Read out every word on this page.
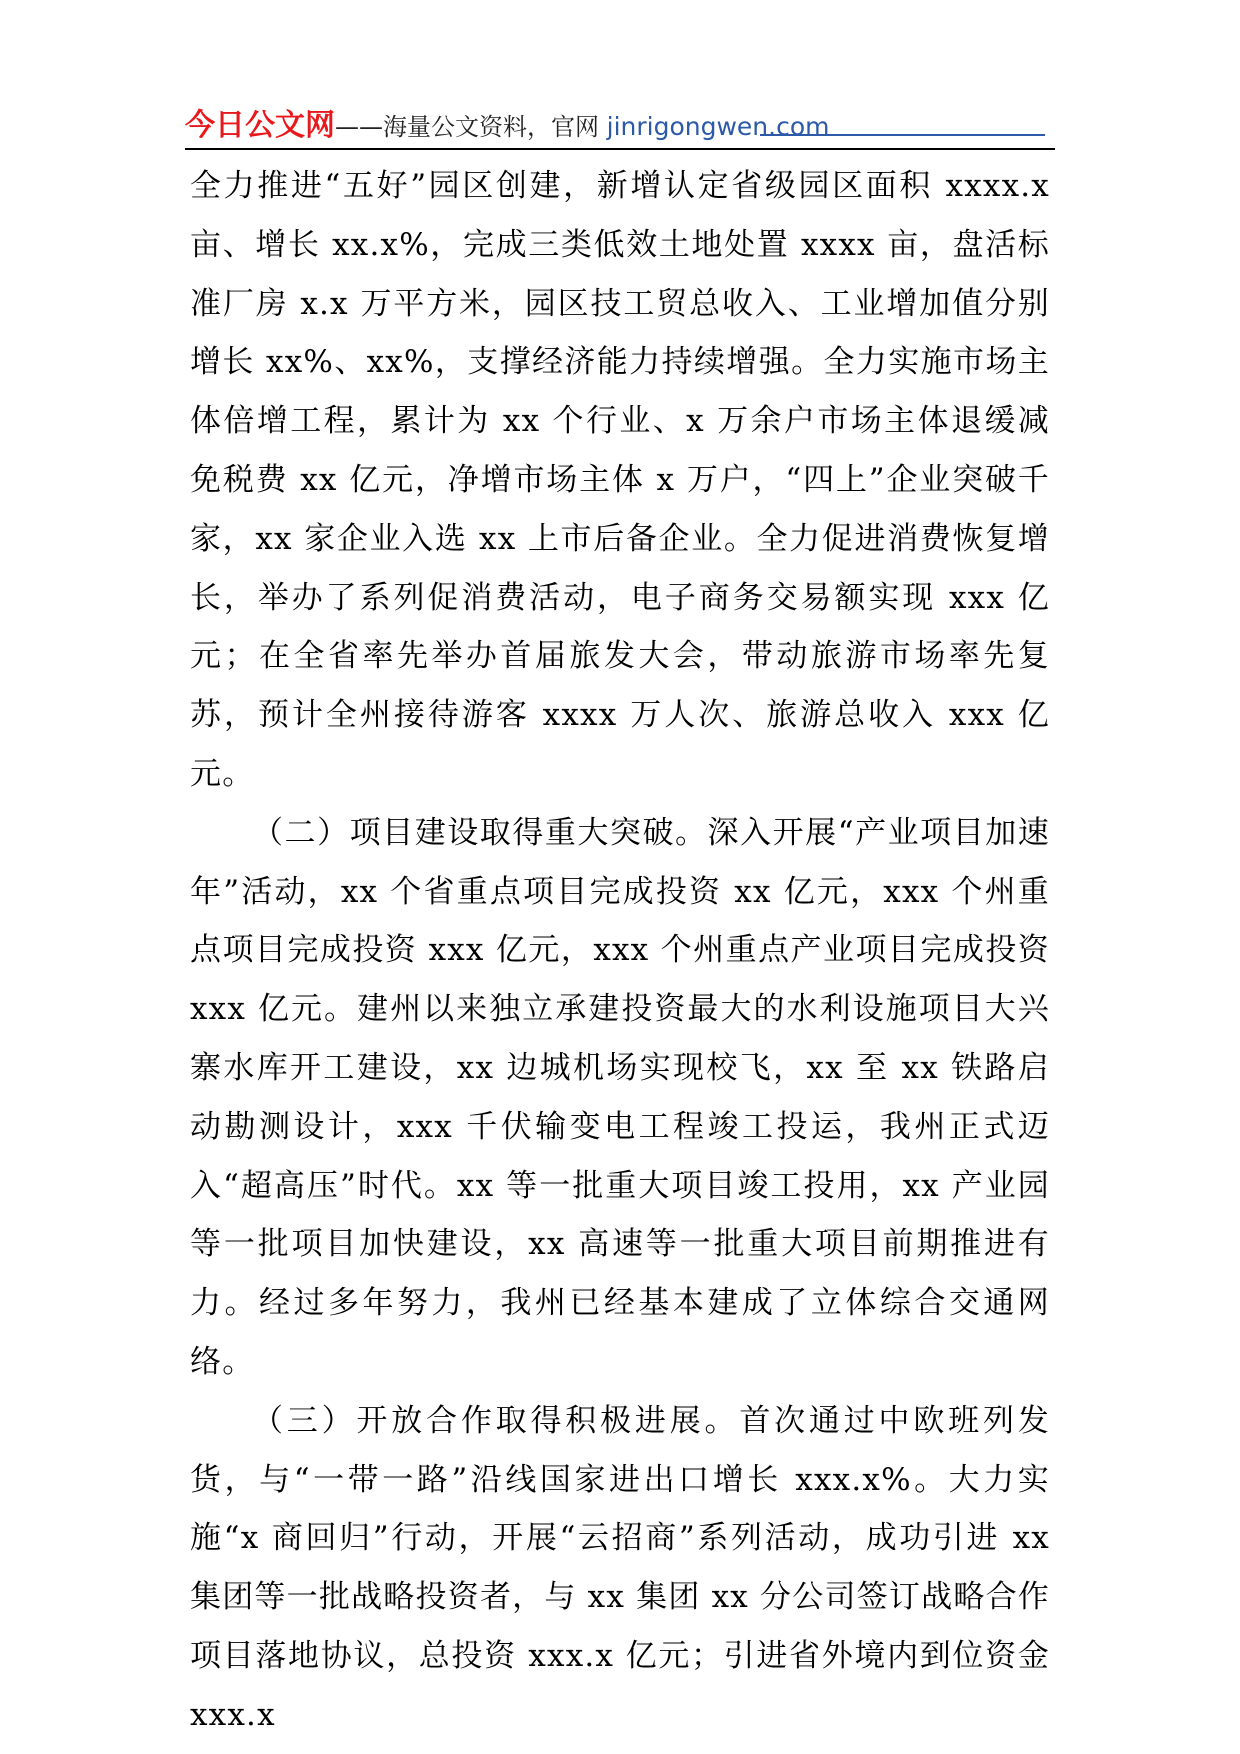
今日公文网——海量公文资料，官网 jinrigongwen.com

全力推进“五好”园区创建，新增认定省级园区面积 xxxx.x 亩、增长 xx.x%，完成三类低效土地处置 xxxx 亩，盘活标准厂房 x.x 万平方米，园区技工贸总收入、工业增加值分别增长 xx%、xx%，支撑经济能力持续增强。全力实施市场主体倍增工程，累计为 xx 个行业、x 万余户市场主体退缓减免税费 xx 亿元，净增市场主体 x 万户，“四上”企业突破千家，xx 家企业入选 xx 上市后备企业。全力促进消费恢复增长，举办了系列促消费活动，电子商务交易额实现 xxx 亿元；在全省率先举办首届旅发大会，带动旅游市场率先复苏，预计全州接待游客 xxxx 万人次、旅游总收入 xxx 亿元。

（二）项目建设取得重大突破。深入开展“产业项目加速年”活动，xx 个省重点项目完成投资 xx 亿元，xxx 个州重点项目完成投资 xxx 亿元，xxx 个州重点产业项目完成投资 xxx 亿元。建州以来独立承建投资最大的水利设施项目大兴寨水库开工建设，xx 边城机场实现校飞，xx 至 xx 铁路启动勘测设计，xxx 千伏输变电工程竣工投运，我州正式迈入“超高压”时代。xx 等一批重大项目竣工投用，xx 产业园等一批项目加快建设，xx 高速等一批重大项目前期推进有力。经过多年努力，我州已经基本建成了立体综合交通网络。

（三）开放合作取得积极进展。首次通过中欧班列发货，与“一带一路”沿线国家进出口增长 xxx.x%。大力实施“x 商回归”行动，开展“云招商”系列活动，成功引进 xx 集团等一批战略投资者，与 xx 集团 xx 分公司签订战略合作项目落地协议，总投资 xxx.x 亿元；引进省外境内到位资金 xxx.x
